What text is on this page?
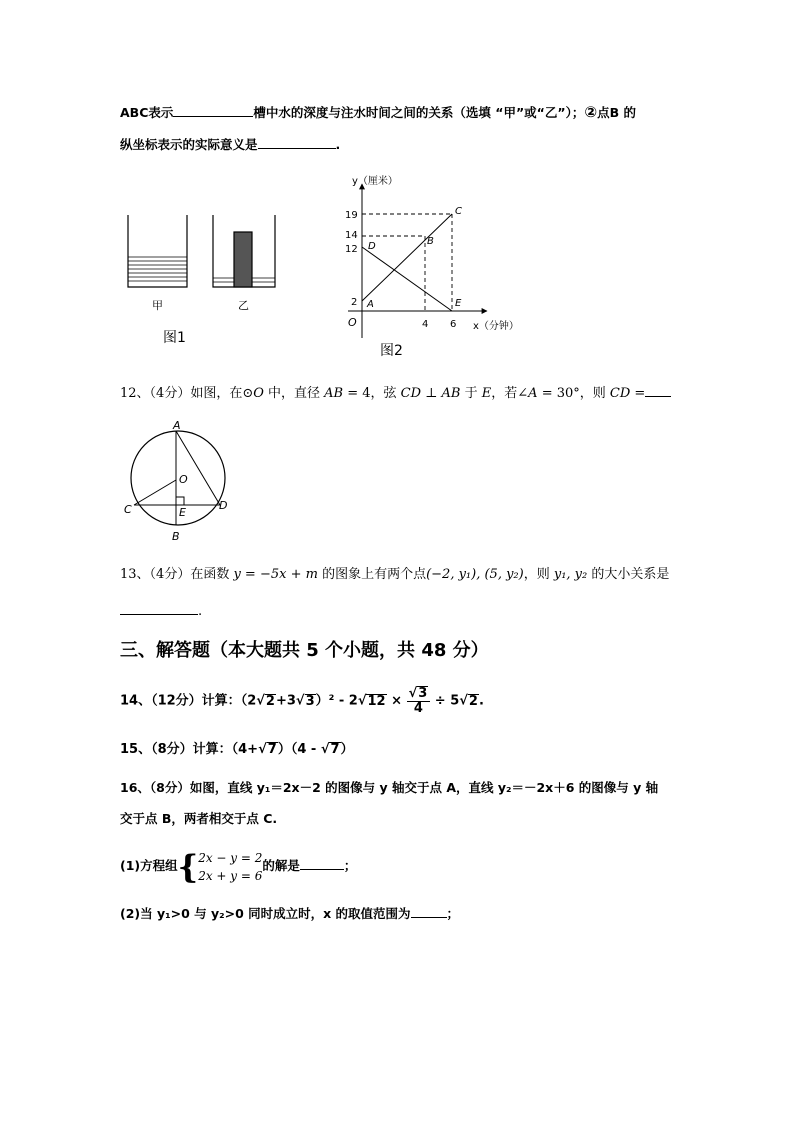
ABC表示	槽中水的深度与注水时间之间的关系（选填 “甲”或“乙”）；②点B 的
纵坐标表示的实际意义是	.
甲	乙
图1
y（厘米）
x（分钟）
O
19
14
12
2
4 6
A
B
C
D
E
图2
12、（4分）如图，在⊙O 中，直径 AB = 4，弦 CD ⊥ AB 于 E，若∠A = 30°，则 CD =
A
B
C	D
O
E
13、（4分）在函数 y = −5x + m 的图象上有两个点(−2, y₁), (5, y₂)，则 y₁, y₂ 的大小关系是
.
三、解答题（本大题共 5 个小题，共 48 分）
14、（12分）计算：$(2√2+3√3)^2 - 2√12 \times \frac{√3}{4} \div 5√2$.
15、（8分）计算：（4+√7）（4 - √7）
16、（8分）如图，直线 y₁＝2x－2 的图像与 y 轴交于点 A，直线 y₂＝－2x＋6 的图像与 y 轴
交于点 B，两者相交于点 C.
(1)方程组{ 2x − y = 2
2x + y = 6
的解是	；
(2)当 y₁>0 与 y₂>0 同时成立时，x 的取值范围为	；
